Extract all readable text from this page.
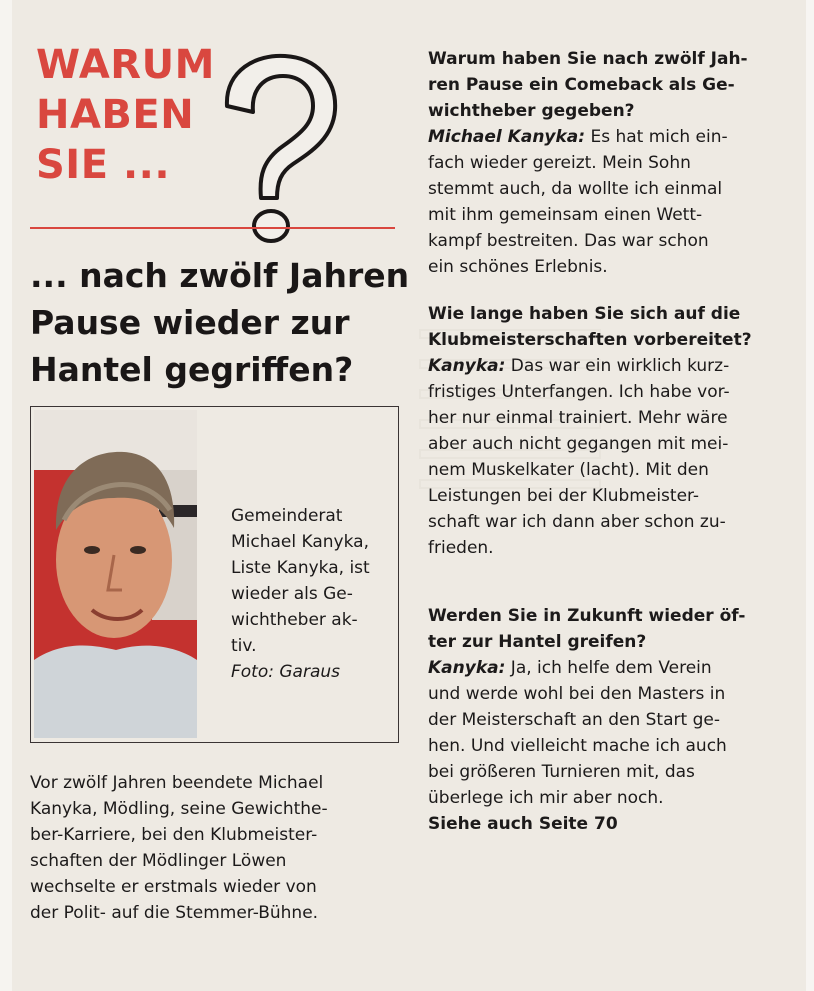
WARUM
HABEN
SIE ...
... nach zwölf Jahren
Pause wieder zur
Hantel gegriffen?
Gemeinderat
Michael Kanyka,
Liste Kanyka, ist
wieder als Ge-
wichtheber ak-
tiv.
Foto: Garaus
Vor zwölf Jahren beendete Michael
Kanyka, Mödling, seine Gewichthe-
ber-Karriere, bei den Klubmeister-
schaften der Mödlinger Löwen
wechselte er erstmals wieder von
der Polit- auf die Stemmer-Bühne.
Warum haben Sie nach zwölf Jah-
ren Pause ein Comeback als Ge-
wichtheber gegeben?
Michael Kanyka: Es hat mich ein-
fach wieder gereizt. Mein Sohn
stemmt auch, da wollte ich einmal
mit ihm gemeinsam einen Wett-
kampf bestreiten. Das war schon
ein schönes Erlebnis.
Wie lange haben Sie sich auf die
Klubmeisterschaften vorbereitet?
Kanyka: Das war ein wirklich kurz-
fristiges Unterfangen. Ich habe vor-
her nur einmal trainiert. Mehr wäre
aber auch nicht gegangen mit mei-
nem Muskelkater (lacht). Mit den
Leistungen bei der Klubmeister-
schaft war ich dann aber schon zu-
frieden.
Werden Sie in Zukunft wieder öf-
ter zur Hantel greifen?
Kanyka: Ja, ich helfe dem Verein
und werde wohl bei den Masters in
der Meisterschaft an den Start ge-
hen. Und vielleicht mache ich auch
bei größeren Turnieren mit, das
überlege ich mir aber noch.
Siehe auch Seite 70
